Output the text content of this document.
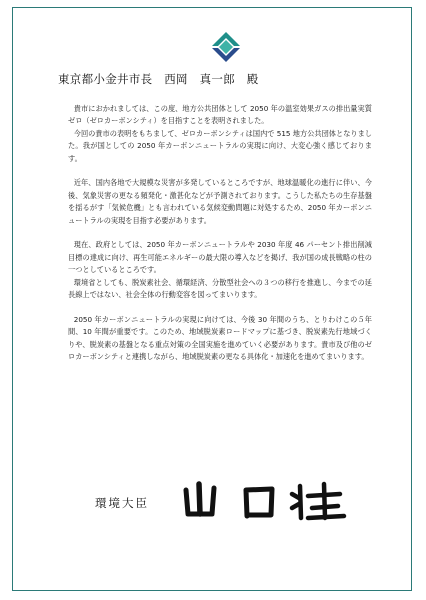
東京都小金井市長　西岡　真一郎　殿

貴市におかれましては、この度、地方公共団体として 2050 年の温室効果ガスの排出量実質ゼロ（ゼロカーボンシティ）を目指すことを表明されました。

今回の貴市の表明をもちまして、ゼロカーボンシティは国内で 515 地方公共団体となりました。我が国としての 2050 年カーボンニュートラルの実現に向け、大変心強く感じております。

近年、国内各地で大規模な災害が多発しているところですが、地球温暖化の進行に伴い、今後、気象災害の更なる頻発化・激甚化などが予測されております。こうした私たちの生存基盤を揺るがす「気候危機」とも言われている気候変動問題に対処するため、2050 年カーボンニュートラルの実現を目指す必要があります。

現在、政府としては、2050 年カーボンニュートラルや 2030 年度 46 パーセント排出削減目標の達成に向け、再生可能エネルギーの最大限の導入などを掲げ、我が国の成長戦略の柱の一つとしているところです。

環境省としても、脱炭素社会、循環経済、分散型社会への３つの移行を推進し、今までの延長線上ではない、社会全体の行動変容を図ってまいります。

2050 年カーボンニュートラルの実現に向けては、今後 30 年間のうち、とりわけこの５年間、10 年間が重要です。このため、地域脱炭素ロードマップに基づき、脱炭素先行地域づくりや、脱炭素の基盤となる重点対策の全国実施を進めていく必要があります。貴市及び他のゼロカーボンシティと連携しながら、地域脱炭素の更なる具体化・加速化を進めてまいります。

環境大臣
